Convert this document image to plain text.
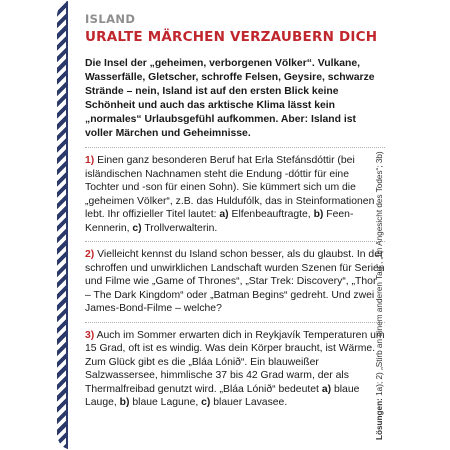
ISLAND
URALTE MÄRCHEN VERZAUBERN DICH
Die Insel der „geheimen, verborgenen Völker“. Vulkane, Wasserfälle, Gletscher, schroffe Felsen, Geysire, schwarze Strände – nein, Island ist auf den ersten Blick keine Schönheit und auch das arktische Klima lässt kein „normales“ Urlaubsgefühl aufkommen. Aber: Island ist voller Märchen und Geheimnisse.
1) Einen ganz besonderen Beruf hat Erla Stefánsdóttir (bei isländischen Nachnamen steht die Endung -dóttir für eine Tochter und -son für einen Sohn). Sie kümmert sich um die „geheimen Völker“, z.B. das Huldufólk, das in Steinformationen lebt. Ihr offizieller Titel lautet: a) Elfenbeauftragte, b) Feen-Kennerin, c) Trollverwalterin.
2) Vielleicht kennst du Island schon besser, als du glaubst. In der schroffen und unwirklichen Landschaft wurden Szenen für Serien und Filme wie „Game of Thrones“, „Star Trek: Discovery“, „Thor – The Dark Kingdom“ oder „Batman Begins“ gedreht. Und zwei James-Bond-Filme – welche?
3) Auch im Sommer erwarten dich in Reykjavík Temperaturen um 15 Grad, oft ist es windig. Was dein Körper braucht, ist Wärme. Zum Glück gibt es die „Bláa Lónið“. Ein blauweißer Salzwassersee, himmlische 37 bis 42 Grad warm, der als Thermalfreibad genutzt wird. „Bláa Lónið“ bedeutet a) blaue Lauge, b) blaue Lagune, c) blauer Lavasee.	Lösungen: 1a); 2) „Stirb an einem anderen Tag“, „Im Angesicht des Todes“; 3b)
